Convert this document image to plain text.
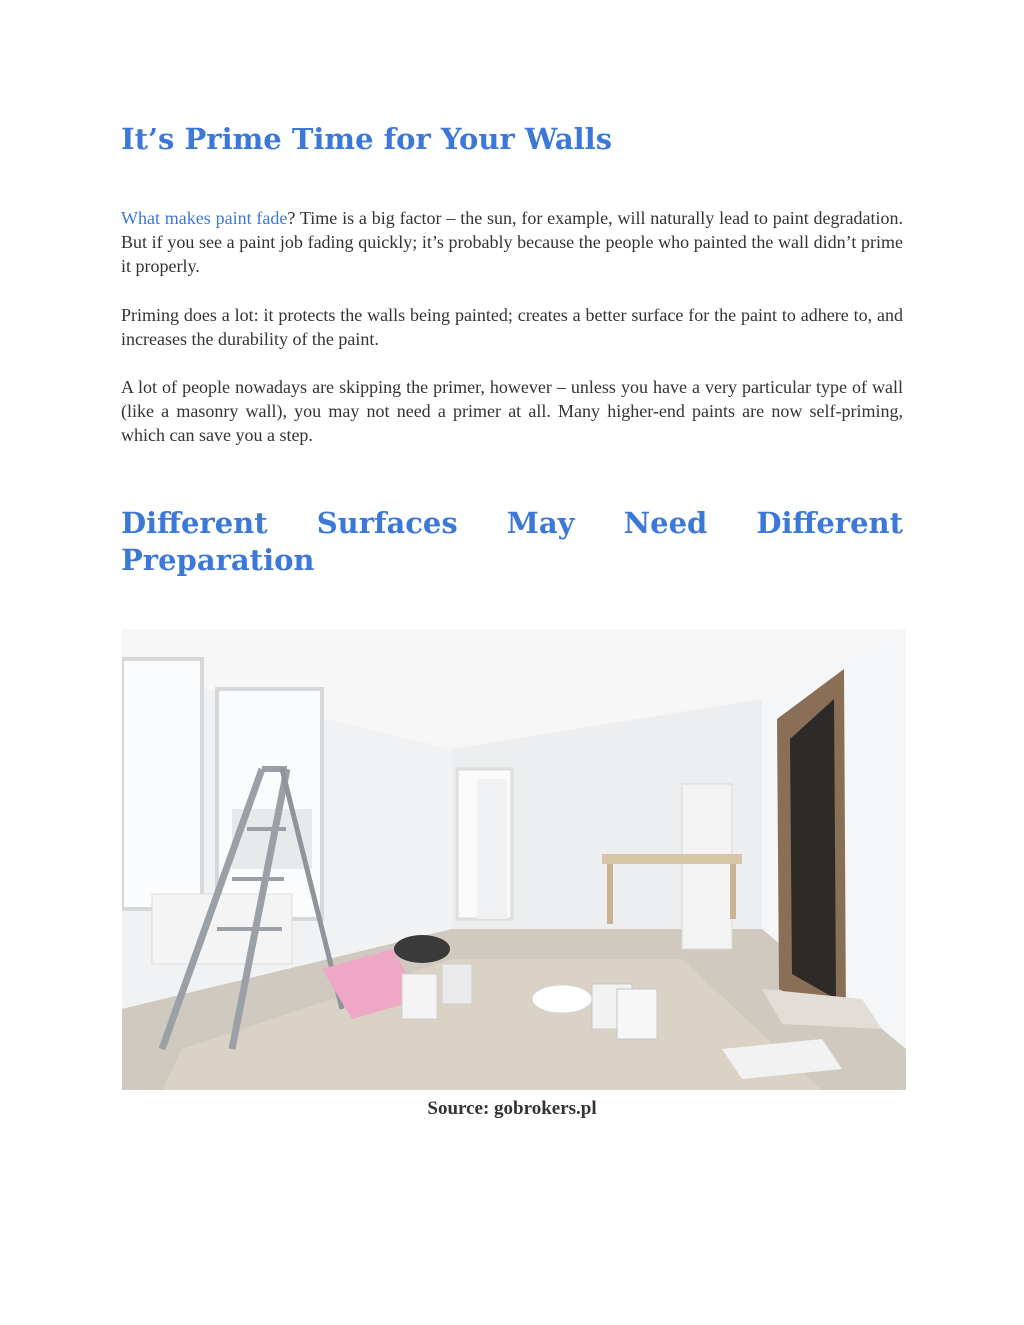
It’s Prime Time for Your Walls

What makes paint fade? Time is a big factor – the sun, for example, will naturally lead to paint degradation. But if you see a paint job fading quickly; it’s probably because the people who painted the wall didn’t prime it properly.

Priming does a lot: it protects the walls being painted; creates a better surface for the paint to adhere to, and increases the durability of the paint.

A lot of people nowadays are skipping the primer, however – unless you have a very particular type of wall (like a masonry wall), you may not need a primer at all. Many higher-end paints are now self-priming, which can save you a step.

Different Surfaces May Need Different Preparation
Source: gobrokers.pl
